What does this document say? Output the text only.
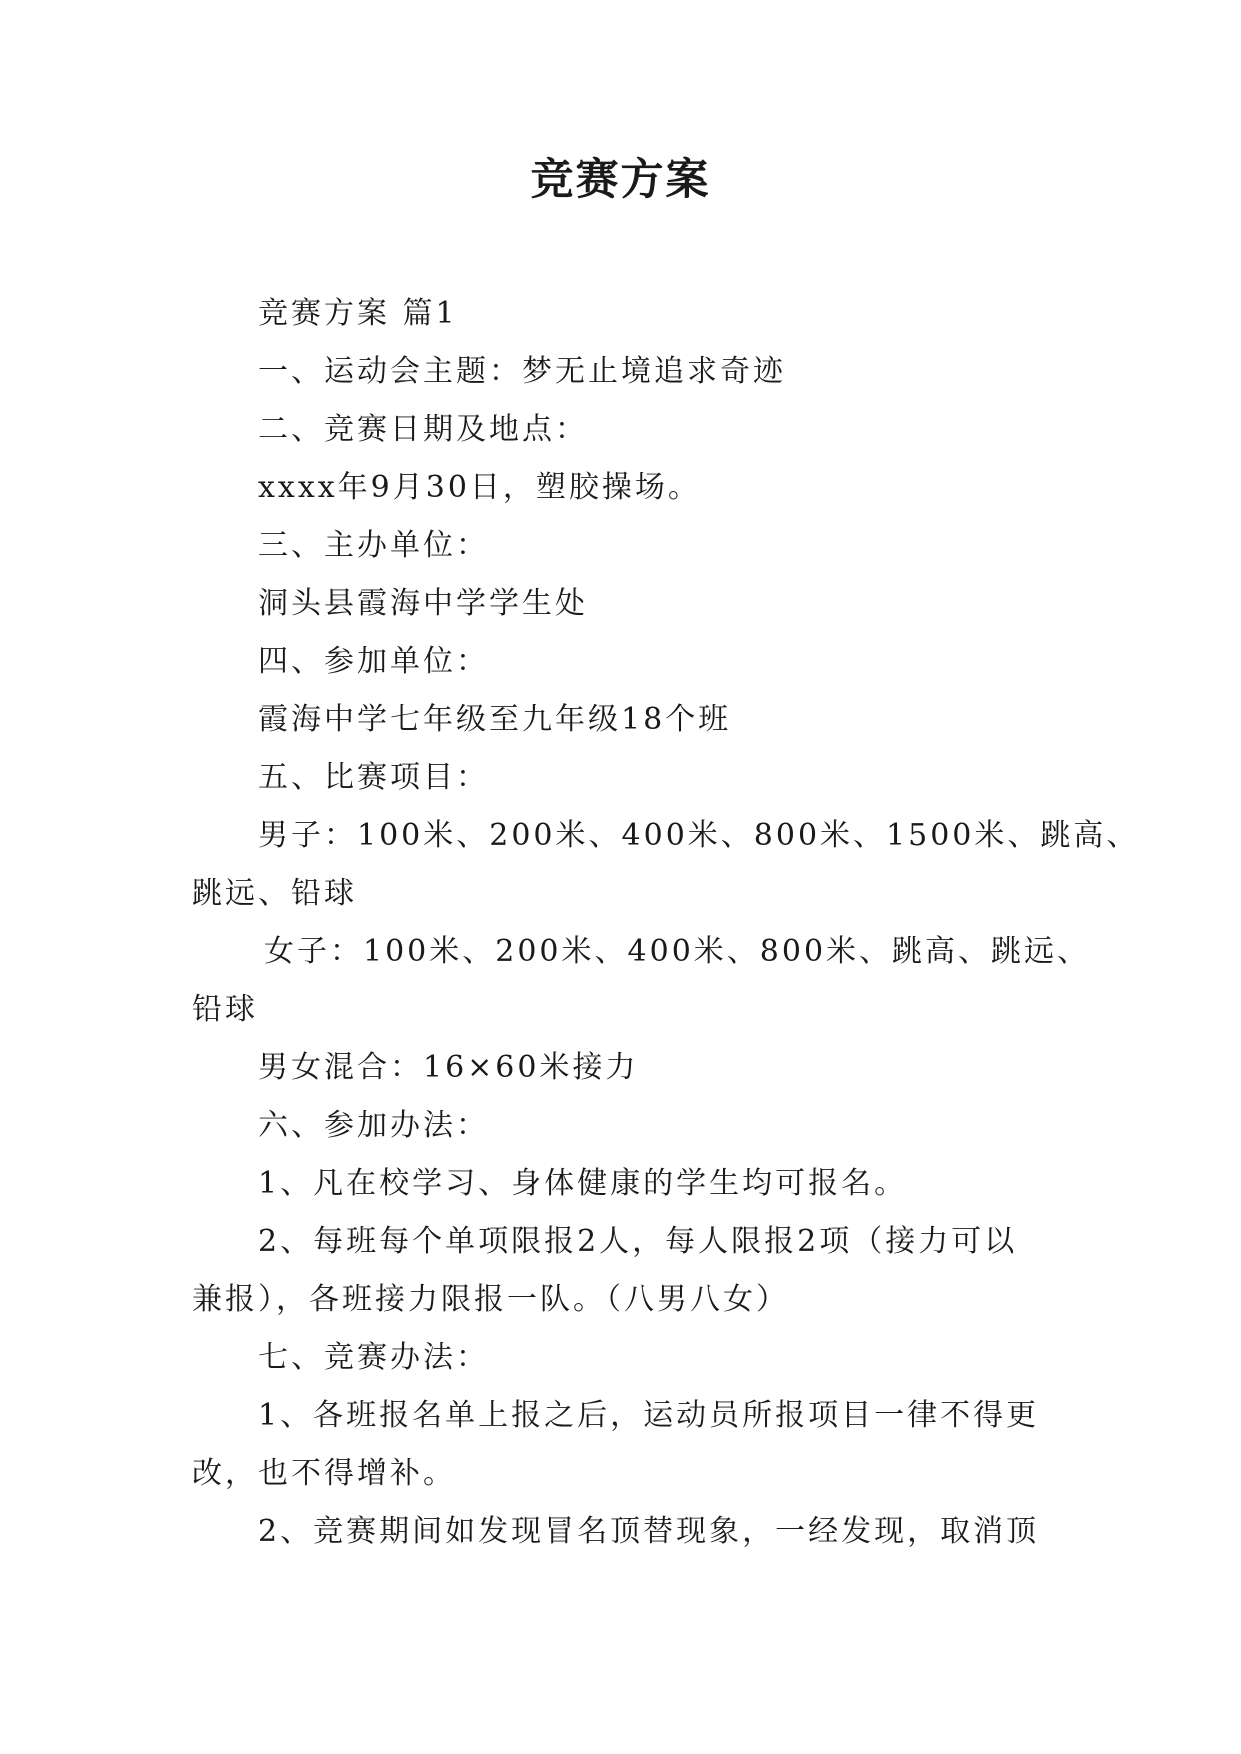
竞赛方案

竞赛方案 篇1

一、运动会主题：梦无止境追求奇迹

二、竞赛日期及地点：

xxxx年9月30日，塑胶操场。

三、主办单位：

洞头县霞海中学学生处

四、参加单位：

霞海中学七年级至九年级18个班

五、比赛项目：

男子：100米、200米、400米、800米、1500米、跳高、

跳远、铅球

女子：100米、200米、400米、800米、跳高、跳远、

铅球

男女混合：16×60米接力

六、参加办法：

1、凡在校学习、身体健康的学生均可报名。

2、每班每个单项限报2人，每人限报2项（接力可以

兼报），各班接力限报一队。（八男八女）

七、竞赛办法：

1、各班报名单上报之后，运动员所报项目一律不得更

改，也不得增补。

2、竞赛期间如发现冒名顶替现象，一经发现，取消顶
